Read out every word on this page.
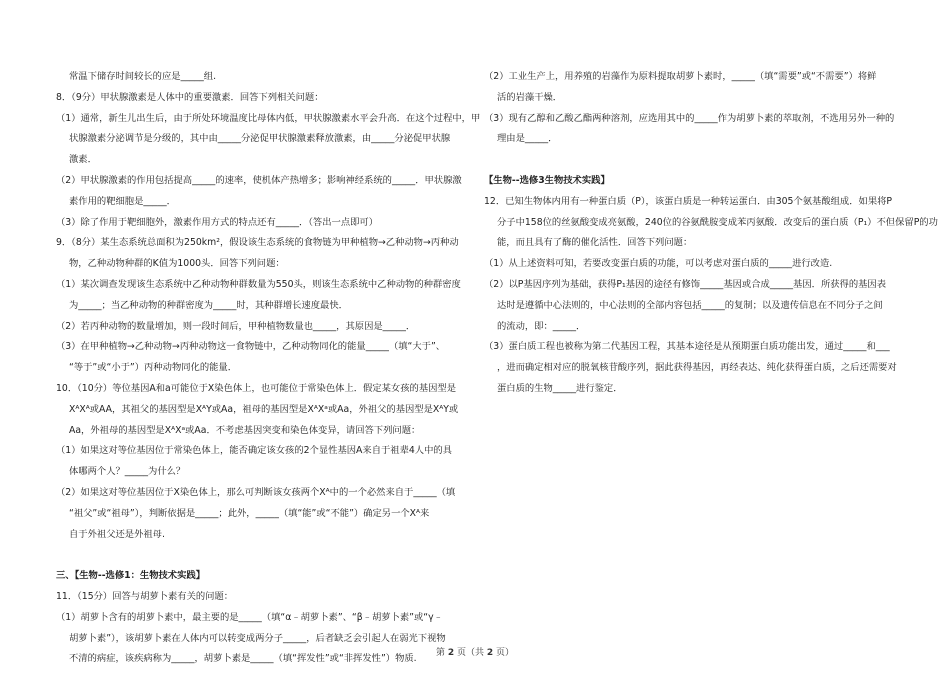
常温下储存时间较长的应是_____组.
8．（9分）甲状腺激素是人体中的重要激素．回答下列相关问题：
（1）通常，新生儿出生后，由于所处环境温度比母体内低，甲状腺激素水平会升高．在这个过程中，甲
状腺激素分泌调节是分级的，其中由_____分泌促甲状腺激素释放激素，由_____分泌促甲状腺
激素．
（2）甲状腺激素的作用包括提高_____的速率，使机体产热增多；影响神经系统的_____．甲状腺激
素作用的靶细胞是_____．
（3）除了作用于靶细胞外，激素作用方式的特点还有_____．（答出一点即可）
9．（8分）某生态系统总面积为250km²，假设该生态系统的食物链为甲种植物→乙种动物→丙种动
物，乙种动物种群的K值为1000头．回答下列问题：
（1）某次调查发现该生态系统中乙种动物种群数量为550头，则该生态系统中乙种动物的种群密度
为_____；当乙种动物的种群密度为_____时，其种群增长速度最快．
（2）若丙种动物的数量增加，则一段时间后，甲种植物数量也_____，其原因是_____．
（3）在甲种植物→乙种动物→丙种动物这一食物链中，乙种动物同化的能量_____（填“大于”、
“等于”或“小于”）丙种动物同化的能量．
10．（10分）等位基因A和a可能位于X染色体上，也可能位于常染色体上．假定某女孩的基因型是
XᴬXᴬ或AA，其祖父的基因型是XᴬY或Aa，祖母的基因型是XᴬXᵃ或Aa，外祖父的基因型是XᴬY或
Aa，外祖母的基因型是XᴬXᵃ或Aa．不考虑基因突变和染色体变异，请回答下列问题：
（1）如果这对等位基因位于常染色体上，能否确定该女孩的2个显性基因A来自于祖辈4人中的具
体哪两个人？_____为什么？
（2）如果这对等位基因位于X染色体上，那么可判断该女孩两个Xᴬ中的一个必然来自于_____（填
“祖父”或“祖母”），判断依据是_____；此外，_____（填“能”或“不能”）确定另一个Xᴬ来
自于外祖父还是外祖母.
三、【生物--选修1：生物技术实践】
11．（15分）回答与胡萝卜素有关的问题：
（1）胡萝卜含有的胡萝卜素中，最主要的是_____（填“α﹣胡萝卜素”、“β﹣胡萝卜素”或“γ﹣
胡萝卜素”），该胡萝卜素在人体内可以转变成两分子_____，后者缺乏会引起人在弱光下视物
不清的病症，该疾病称为_____，胡萝卜素是_____（填“挥发性”或“非挥发性”）物质.
（2）工业生产上，用养殖的岩藻作为原料提取胡萝卜素时，_____（填“需要”或“不需要”）将鲜
活的岩藻干燥．
（3）现有乙醇和乙酸乙酯两种溶剂，应选用其中的_____作为胡萝卜素的萃取剂，不选用另外一种的
理由是_____．
【生物--选修3生物技术实践】
12．已知生物体内用有一种蛋白质（P），该蛋白质是一种转运蛋白．由305个氨基酸组成．如果将P
分子中158位的丝氨酸变成亮氨酸，240位的谷氨酰胺变成苯丙氨酸．改变后的蛋白质（P₁）不但保留P的功
能，而且具有了酶的催化活性．回答下列问题：
（1）从上述资料可知，若要改变蛋白质的功能，可以考虑对蛋白质的_____进行改造.
（2）以P基因序列为基础，获得P₁基因的途径有修饰_____基因或合成_____基因．所获得的基因表
达时是遵循中心法则的，中心法则的全部内容包括_____的复制；以及遗传信息在不同分子之间
的流动，即：_____．
（3）蛋白质工程也被称为第二代基因工程，其基本途径是从预期蛋白质功能出发，通过_____和___
，进而确定相对应的脱氧核苷酸序列，据此获得基因，再经表达、纯化获得蛋白质，之后还需要对
蛋白质的生物_____进行鉴定．
第 2 页（共 2 页）
